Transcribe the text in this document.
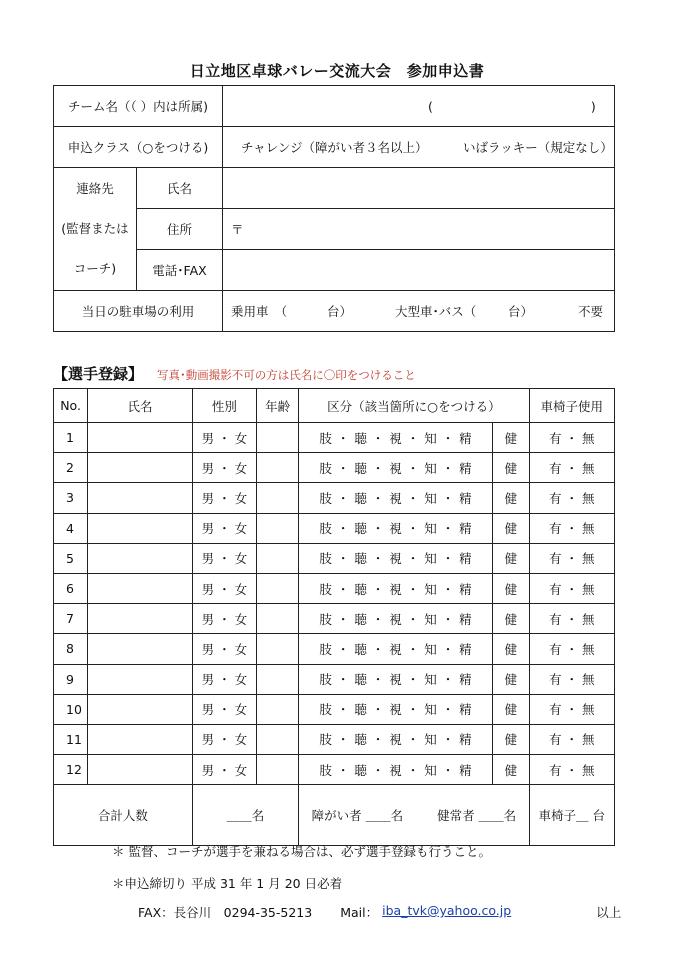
日立地区卓球バレー交流大会　参加申込書
チーム名（（ ）内は所属)		( )

申込クラス（○をつける)		チャレンジ（障がい者３名以上） いばラッキー（規定なし）

連絡先
(監督または
コーチ)	氏名	
	住所	〒
	電話･FAX	
当日の駐車場の利用		乗用車　（ 台） 大型車･バス（ 台） 不要
【選手登録】 写真･動画撮影不可の方は氏名に〇印をつけること
No.	氏名	性別	年齢	区分（該当箇所に○をつける）		車椅子使用
1		男 ・ 女		肢 ・ 聴 ・ 視 ・ 知 ・ 精	健	有 ・ 無
2		男 ・ 女		肢 ・ 聴 ・ 視 ・ 知 ・ 精	健	有 ・ 無
3		男 ・ 女		肢 ・ 聴 ・ 視 ・ 知 ・ 精	健	有 ・ 無
4		男 ・ 女		肢 ・ 聴 ・ 視 ・ 知 ・ 精	健	有 ・ 無
5		男 ・ 女		肢 ・ 聴 ・ 視 ・ 知 ・ 精	健	有 ・ 無
6		男 ・ 女		肢 ・ 聴 ・ 視 ・ 知 ・ 精	健	有 ・ 無
7		男 ・ 女		肢 ・ 聴 ・ 視 ・ 知 ・ 精	健	有 ・ 無
8		男 ・ 女		肢 ・ 聴 ・ 視 ・ 知 ・ 精	健	有 ・ 無
9		男 ・ 女		肢 ・ 聴 ・ 視 ・ 知 ・ 精	健	有 ・ 無
10		男 ・ 女		肢 ・ 聴 ・ 視 ・ 知 ・ 精	健	有 ・ 無
11		男 ・ 女		肢 ・ 聴 ・ 視 ・ 知 ・ 精	健	有 ・ 無
12		男 ・ 女		肢 ・ 聴 ・ 視 ・ 知 ・ 精	健	有 ・ 無
合計人数		＿＿名		障がい者 ＿＿名 健常者 ＿＿名		車椅子＿ 台
＊ 監督、コーチが選手を兼ねる場合は、必ず選手登録も行うこと。
＊申込締切り 平成 31 年 1 月 20 日必着
FAX：長谷川　0294-35-5213 Mail： iba_tvk@yahoo.co.jp	以上
